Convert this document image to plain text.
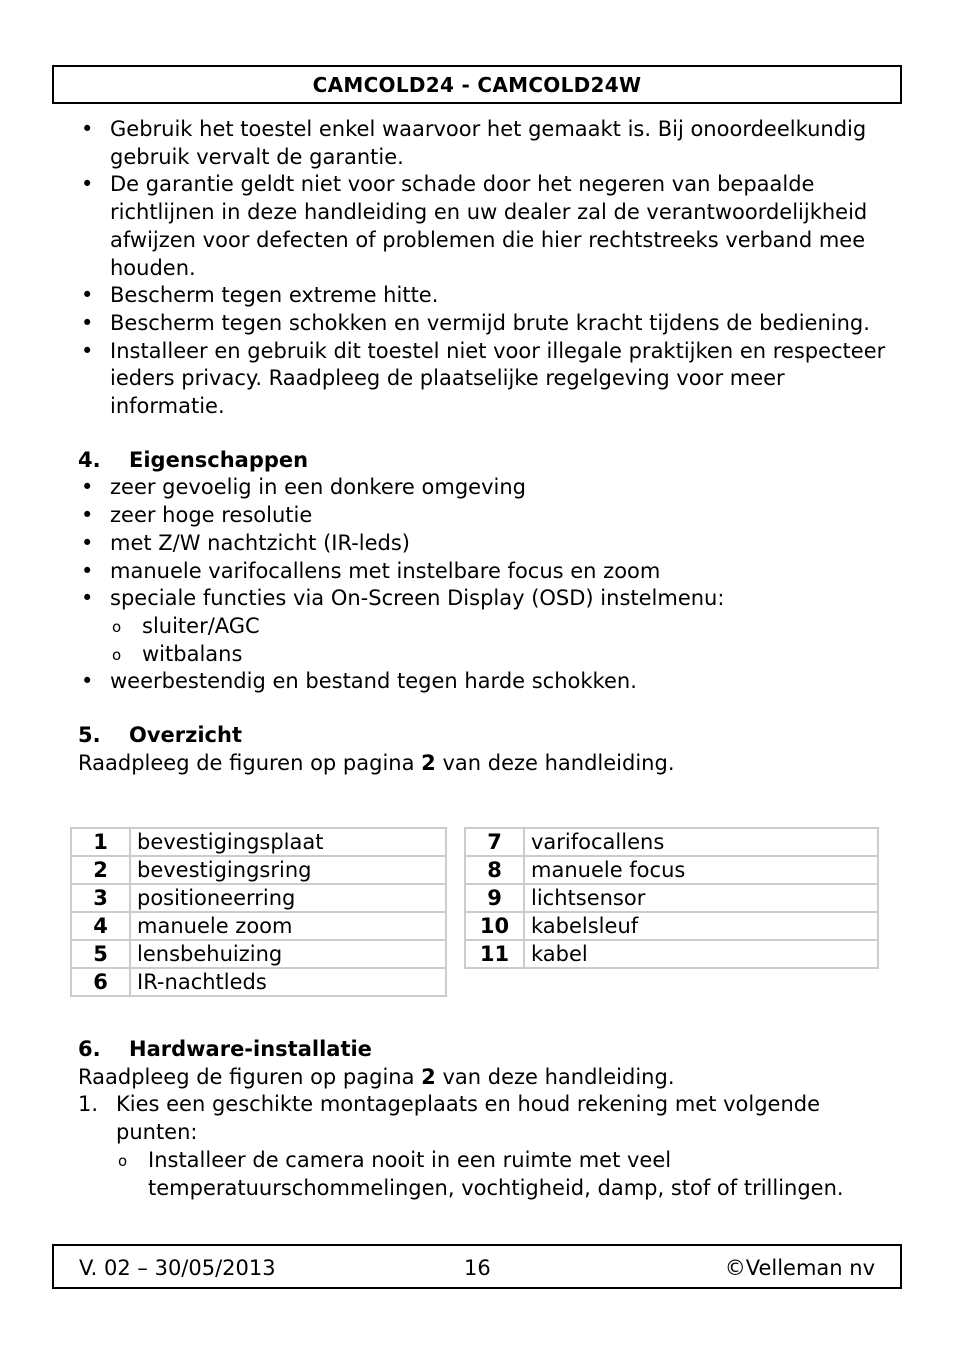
CAMCOLD24 - CAMCOLD24W
• Gebruik het toestel enkel waarvoor het gemaakt is. Bij onoordeelkundig gebruik vervalt de garantie.
• De garantie geldt niet voor schade door het negeren van bepaalde richtlijnen in deze handleiding en uw dealer zal de verantwoordelijkheid afwijzen voor defecten of problemen die hier rechtstreeks verband mee houden.
• Bescherm tegen extreme hitte.
• Bescherm tegen schokken en vermijd brute kracht tijdens de bediening.
• Installeer en gebruik dit toestel niet voor illegale praktijken en respecteer ieders privacy. Raadpleeg de plaatselijke regelgeving voor meer informatie.
4. Eigenschappen
• zeer gevoelig in een donkere omgeving
• zeer hoge resolutie
• met Z/W nachtzicht (IR-leds)
• manuele varifocallens met instelbare focus en zoom
• speciale functies via On-Screen Display (OSD) instelmenu:
o sluiter/AGC
o witbalans
• weerbestendig en bestand tegen harde schokken.
5. Overzicht

Raadpleeg de figuren op pagina 2 van deze handleiding.

1	bevestigingsplaat
2	bevestigingsring
3	positioneerring
4	manuele zoom
5	lensbehuizing
6	IR-nachtleds
7	varifocallens
8	manuele focus
9	lichtsensor
10	kabelsleuf
11	kabel
6. Hardware-installatie

Raadpleeg de figuren op pagina 2 van deze handleiding.

1. Kies een geschikte montageplaats en houd rekening met volgende punten:
o Installeer de camera nooit in een ruimte met veel temperatuurschommelingen, vochtigheid, damp, stof of trillingen.
V. 02 – 30/05/2013	16	©Velleman nv
